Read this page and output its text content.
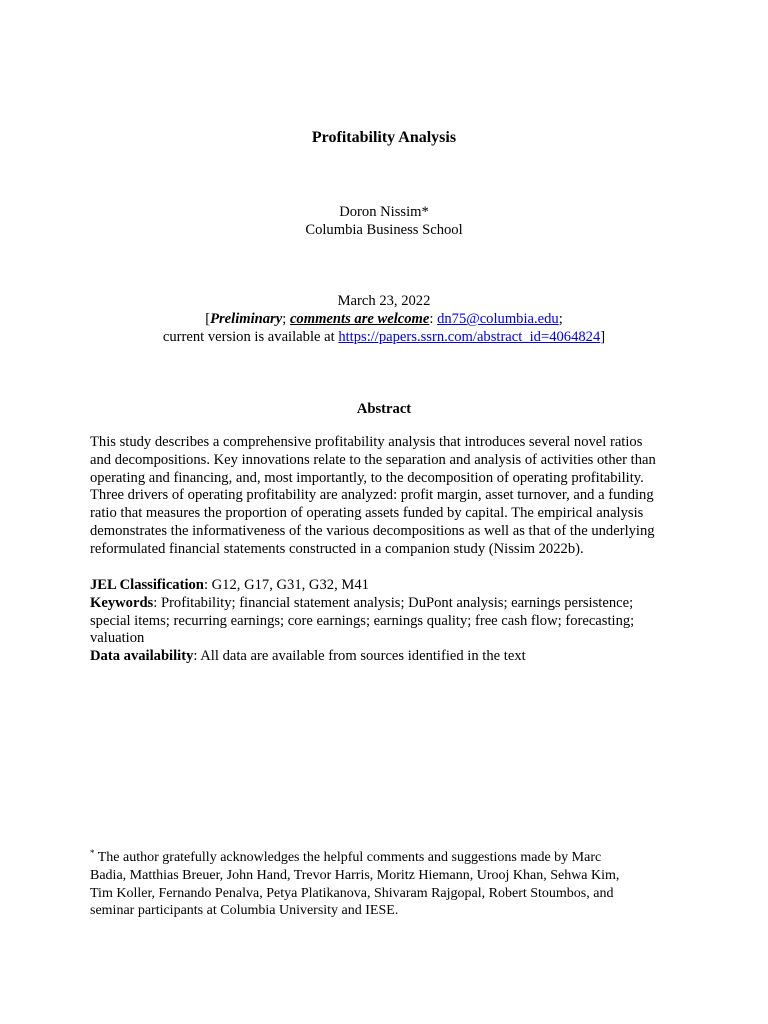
Profitability Analysis
Doron Nissim*
Columbia Business School
March 23, 2022
[Preliminary; comments are welcome: dn75@columbia.edu;
current version is available at https://papers.ssrn.com/abstract_id=4064824]
Abstract
This study describes a comprehensive profitability analysis that introduces several novel ratios
and decompositions. Key innovations relate to the separation and analysis of activities other than
operating and financing, and, most importantly, to the decomposition of operating profitability.
Three drivers of operating profitability are analyzed: profit margin, asset turnover, and a funding
ratio that measures the proportion of operating assets funded by capital. The empirical analysis
demonstrates the informativeness of the various decompositions as well as that of the underlying
reformulated financial statements constructed in a companion study (Nissim 2022b).
JEL Classification: G12, G17, G31, G32, M41
Keywords: Profitability; financial statement analysis; DuPont analysis; earnings persistence;
special items; recurring earnings; core earnings; earnings quality; free cash flow; forecasting;
valuation
Data availability: All data are available from sources identified in the text
* The author gratefully acknowledges the helpful comments and suggestions made by Marc
Badia, Matthias Breuer, John Hand, Trevor Harris, Moritz Hiemann, Urooj Khan, Sehwa Kim,
Tim Koller, Fernando Penalva, Petya Platikanova, Shivaram Rajgopal, Robert Stoumbos, and
seminar participants at Columbia University and IESE.
